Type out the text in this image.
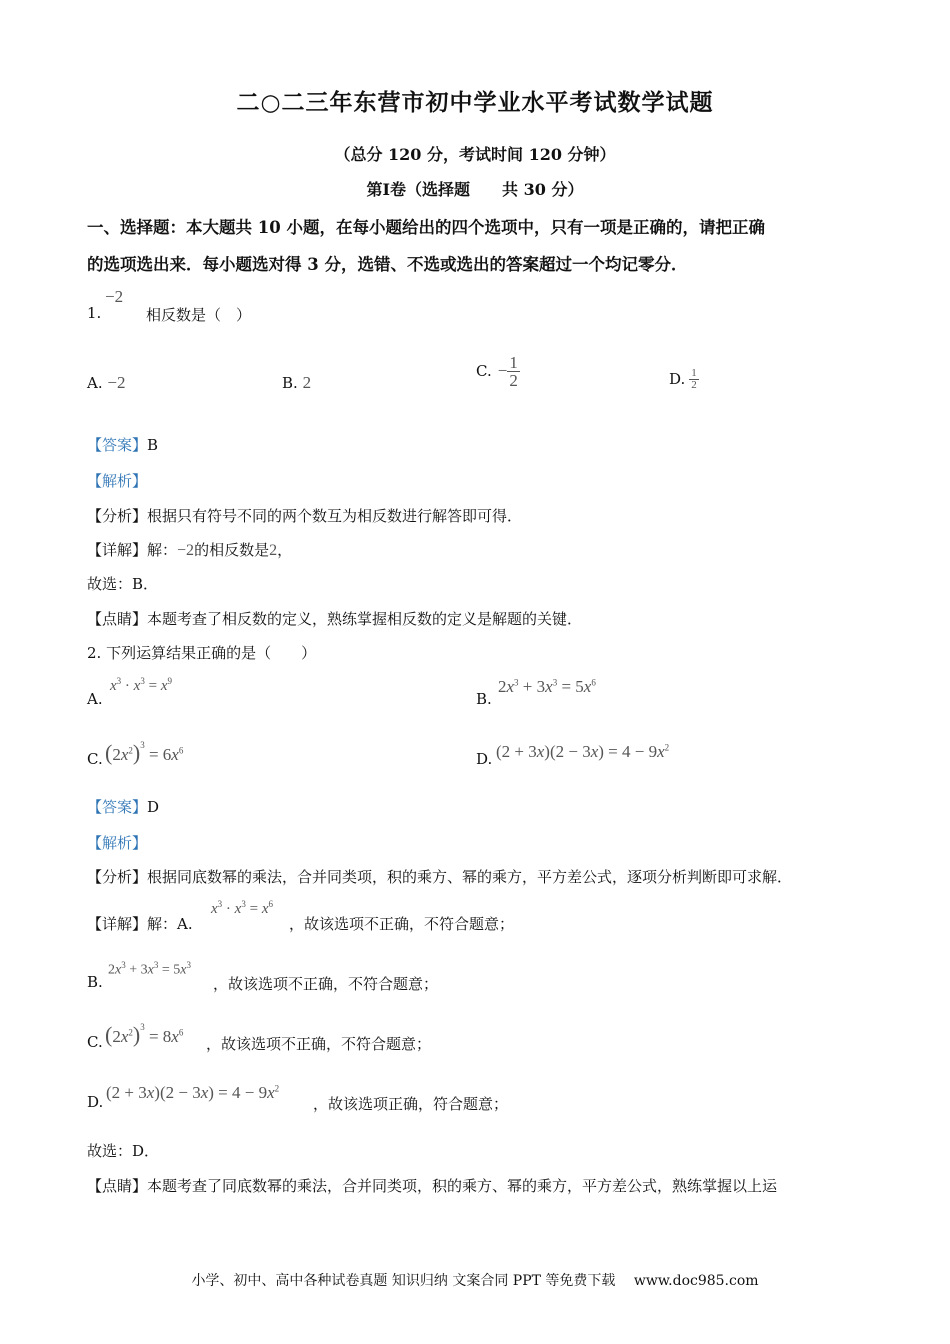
二○二三年东营市初中学业水平考试数学试题
（总分 120 分，考试时间 120 分钟）
第Ⅰ卷（选择题　　共 30 分）
一、选择题：本大题共 10 小题，在每小题给出的四个选项中，只有一项是正确的，请把正确
的选项选出来．每小题选对得 3 分，选错、不选或选出的答案超过一个均记零分．
1.
−2
相反数是（　）
A. −2	B. 2
C. − $\frac{1}{2}$	D. $\frac{1}{2}$
【答案】B
【解析】
【分析】根据只有符号不同的两个数互为相反数进行解答即可得．
【详解】解：−2的相反数是2，
故选：B．
【点睛】本题考查了相反数的定义，熟练掌握相反数的定义是解题的关键．
2. 下列运算结果正确的是（　　）
A.
$x^3 \cdot x^3 = x^9$
B.
$2x^3 + 3x^3 = 5x^6$
C. $(2x^2)^3 = 6x^6$	D. $(2 + 3x)(2 - 3x) = 4 - 9x^2$
【答案】D
【解析】
【分析】根据同底数幂的乘法，合并同类项，积的乘方、幂的乘方，平方差公式，逐项分析判断即可求解．
【详解】解：A.
$x^3 \cdot x^3 = x^6$
，故该选项不正确，不符合题意；
B.
$2x^3 + 3x^3 = 5x^3$
，故该选项不正确，不符合题意；
C. $(2x^2)^3 = 8x^6$
，故该选项不正确，不符合题意；
D. $(2 + 3x)(2 - 3x) = 4 - 9x^2$
，故该选项正确，符合题意；
故选：D．
【点睛】本题考查了同底数幂的乘法，合并同类项，积的乘方、幂的乘方，平方差公式，熟练掌握以上运
小学、初中、高中各种试卷真题 知识归纳 文案合同 PPT 等免费下载　 www.doc985.com
